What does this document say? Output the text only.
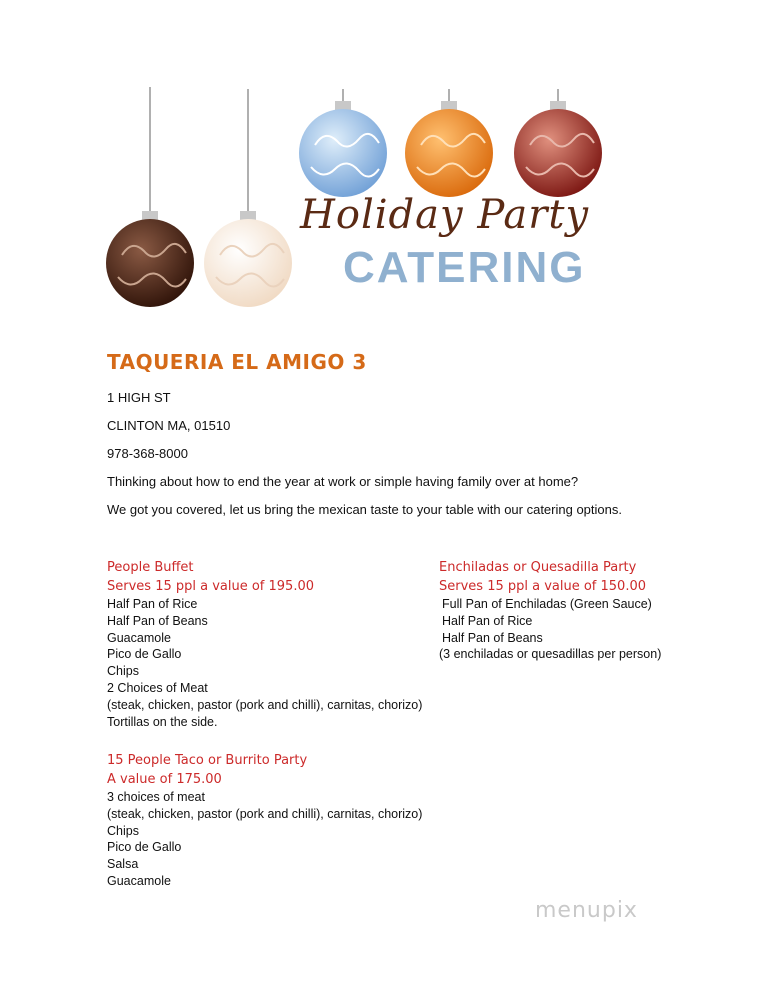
Holiday Party
CATERING
TAQUERIA EL AMIGO 3
1 HIGH ST
CLINTON MA, 01510
978-368-8000
Thinking about how to end the year at work or simple having family over at home?
We got you covered, let us bring the mexican taste to your table with our catering options.
People Buffet
Serves 15 ppl a value of 195.00
Half Pan of Rice
Half Pan of Beans
Guacamole
Pico de Gallo
Chips
2 Choices of Meat
(steak, chicken, pastor (pork and chilli), carnitas, chorizo)
Tortillas on the side.
Enchiladas or Quesadilla Party
Serves 15 ppl a value of 150.00
Full Pan of Enchiladas (Green Sauce)
Half Pan of Rice
Half Pan of Beans
(3 enchiladas or quesadillas per person)
15 People Taco or Burrito Party
A value of 175.00
3 choices of meat
(steak, chicken, pastor (pork and chilli), carnitas, chorizo)
Chips
Pico de Gallo
Salsa
Guacamole
menupix
